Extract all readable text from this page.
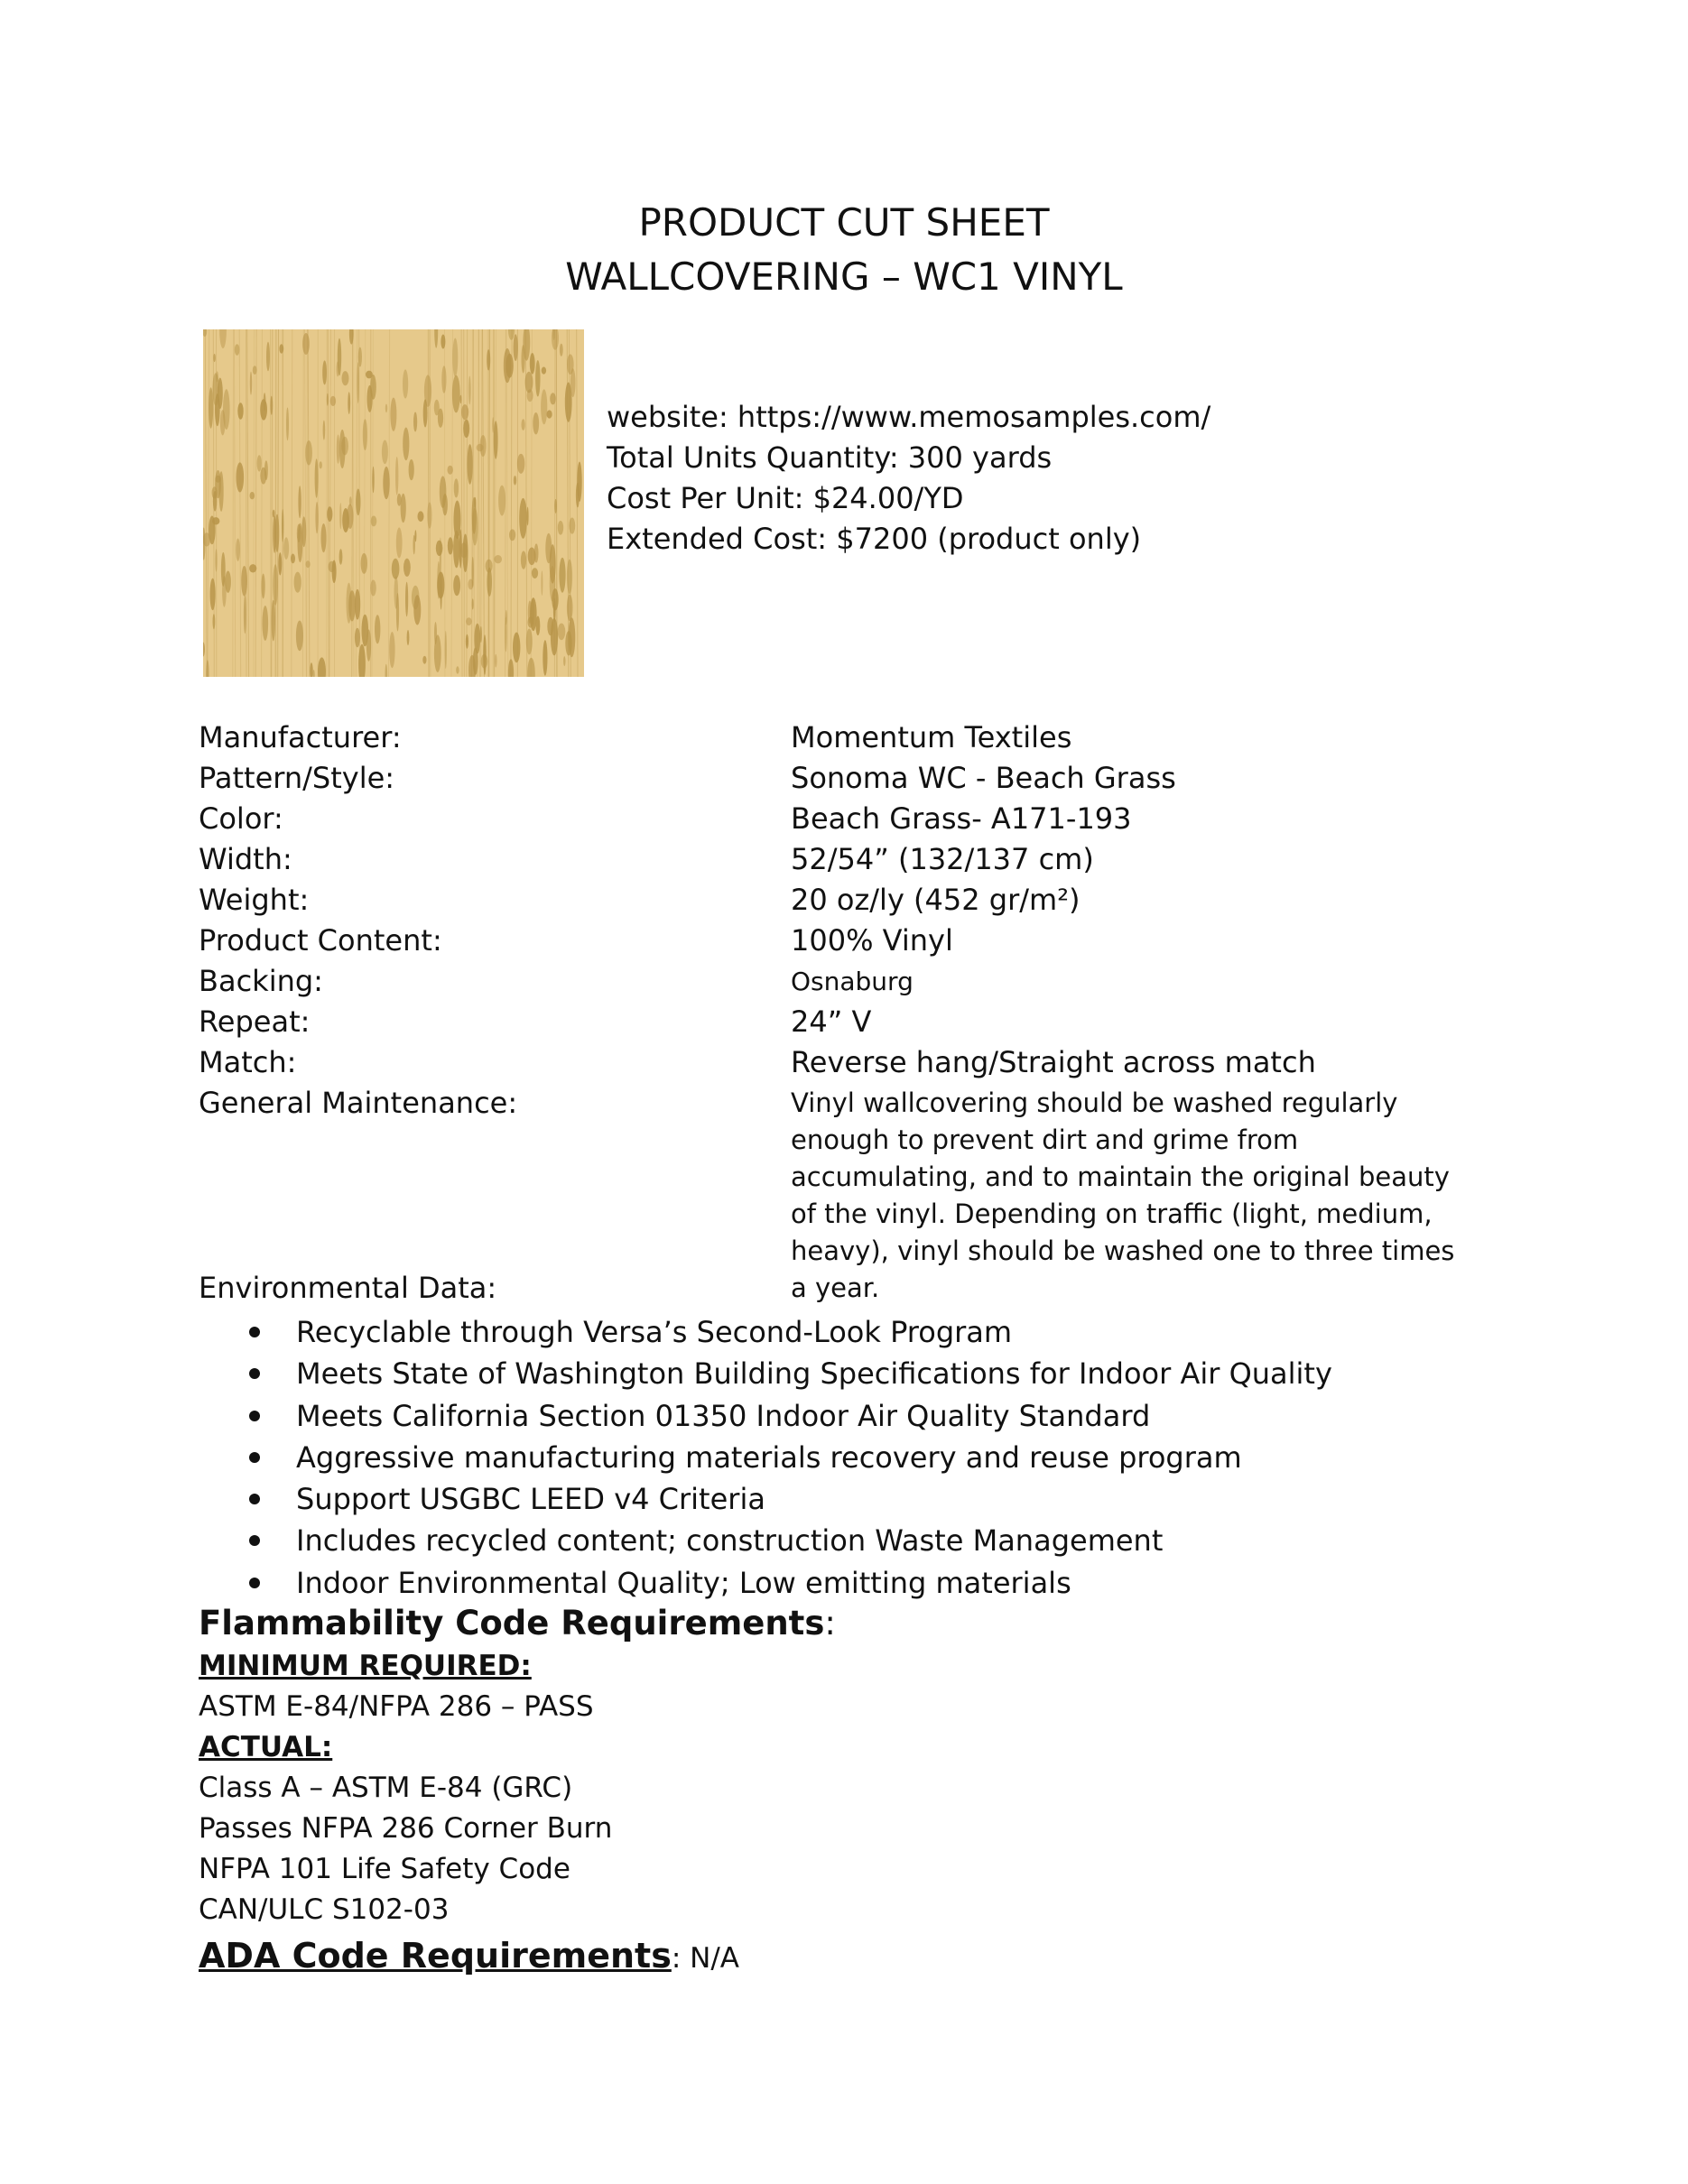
PRODUCT CUT SHEET
WALLCOVERING – WC1 VINYL
website: https://www.memosamples.com/
Total Units Quantity: 300 yards
Cost Per Unit: $24.00/YD
Extended Cost: $7200 (product only)
Manufacturer:	Momentum Textiles
Pattern/Style:	Sonoma WC - Beach Grass
Color:	Beach Grass- A171-193
Width:	52/54” (132/137 cm)
Weight:	20 oz/ly (452 gr/m²)
Product Content:	100% Vinyl
Backing:	Osnaburg
Repeat:	24” V
Match:	Reverse hang/Straight across match
General Maintenance:	Vinyl wallcovering should be washed regularly enough to prevent dirt and grime from accumulating, and to maintain the original beauty of the vinyl. Depending on traffic (light, medium, heavy), vinyl should be washed one to three times a year.
Environmental Data:
Recyclable through Versa’s Second-Look Program
Meets State of Washington Building Specifications for Indoor Air Quality
Meets California Section 01350 Indoor Air Quality Standard
Aggressive manufacturing materials recovery and reuse program
Support USGBC LEED v4 Criteria
Includes recycled content; construction Waste Management
Indoor Environmental Quality; Low emitting materials
Flammability Code Requirements:
MINIMUM REQUIRED:
ASTM E-84/NFPA 286 – PASS
ACTUAL:
Class A – ASTM E-84 (GRC)
Passes NFPA 286 Corner Burn
NFPA 101 Life Safety Code
CAN/ULC S102-03
ADA Code Requirements: N/A
